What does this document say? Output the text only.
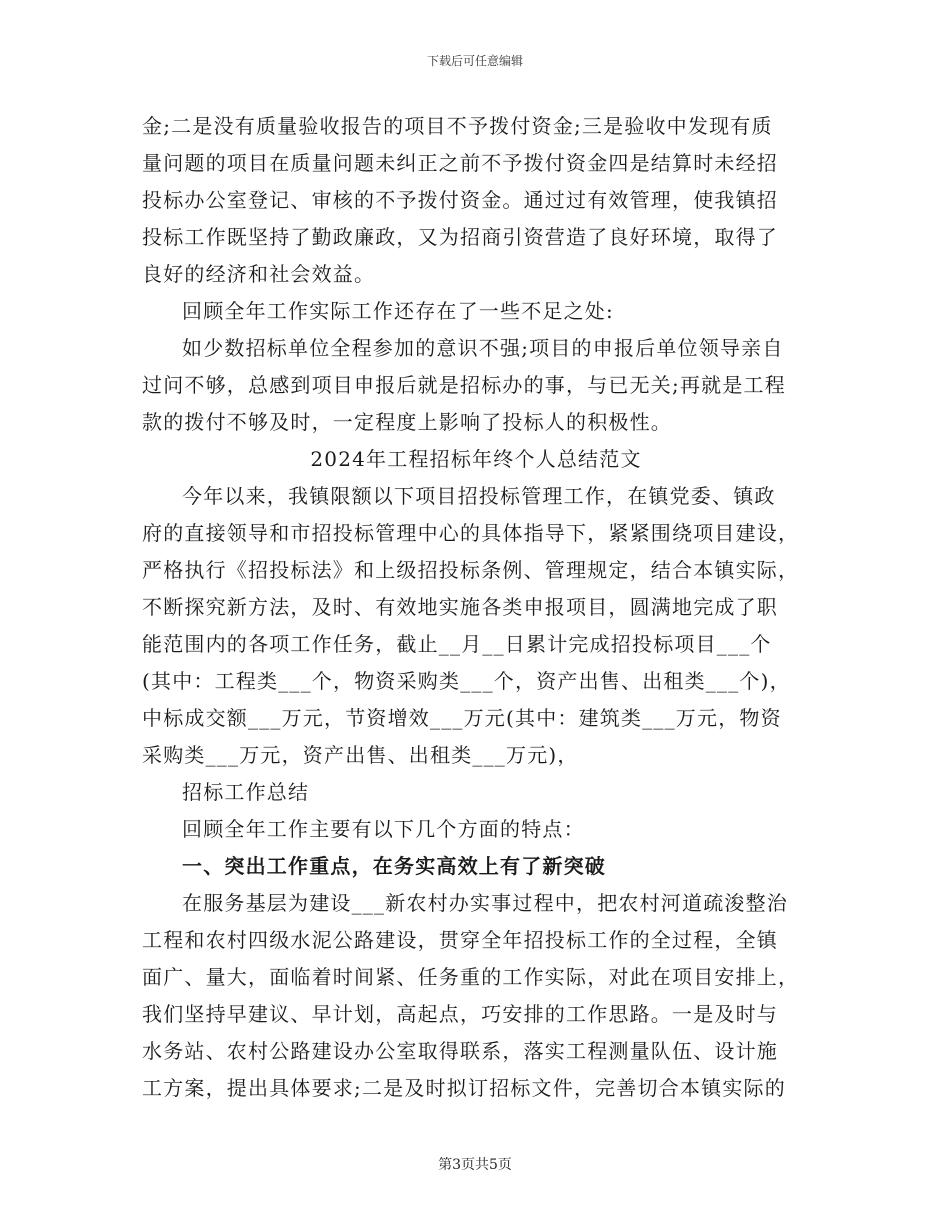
下载后可任意编辑
金;二是没有质量验收报告的项目不予拨付资金;三是验收中发现有质
量问题的项目在质量问题未纠正之前不予拨付资金四是结算时未经招
投标办公室登记、审核的不予拨付资金。通过过有效管理，使我镇招
投标工作既坚持了勤政廉政，又为招商引资营造了良好环境，取得了
良好的经济和社会效益。
回顾全年工作实际工作还存在了一些不足之处:
如少数招标单位全程参加的意识不强;项目的申报后单位领导亲自
过问不够，总感到项目申报后就是招标办的事，与已无关;再就是工程
款的拨付不够及时，一定程度上影响了投标人的积极性。
2024年工程招标年终个人总结范文
今年以来，我镇限额以下项目招投标管理工作，在镇党委、镇政
府的直接领导和市招投标管理中心的具体指导下，紧紧围绕项目建设，
严格执行《招投标法》和上级招投标条例、管理规定，结合本镇实际，
不断探究新方法，及时、有效地实施各类申报项目，圆满地完成了职
能范围内的各项工作任务，截止__月__日累计完成招投标项目___个
(其中：工程类___个，物资采购类___个，资产出售、出租类___个)，
中标成交额___万元，节资增效___万元(其中：建筑类___万元，物资
采购类___万元，资产出售、出租类___万元)，
招标工作总结
回顾全年工作主要有以下几个方面的特点：
一、突出工作重点，在务实高效上有了新突破
在服务基层为建设___新农村办实事过程中，把农村河道疏浚整治
工程和农村四级水泥公路建设，贯穿全年招投标工作的全过程，全镇
面广、量大，面临着时间紧、任务重的工作实际，对此在项目安排上，
我们坚持早建议、早计划，高起点，巧安排的工作思路。一是及时与
水务站、农村公路建设办公室取得联系，落实工程测量队伍、设计施
工方案，提出具体要求;二是及时拟订招标文件，完善切合本镇实际的
第3页共5页
